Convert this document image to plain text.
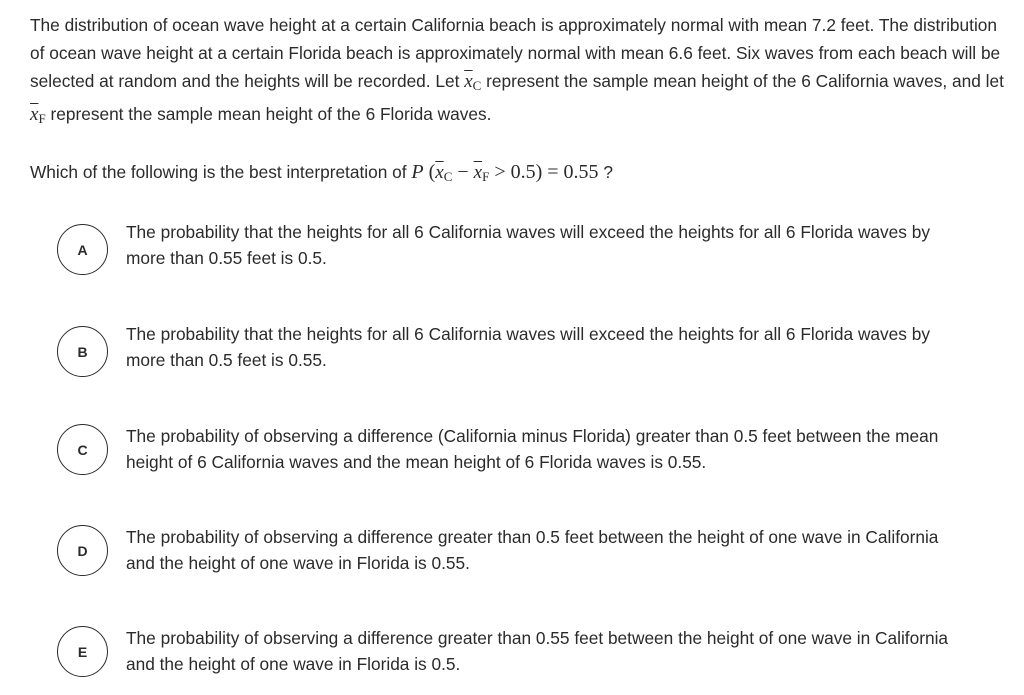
The distribution of ocean wave height at a certain California beach is approximately normal with mean 7.2 feet. The distribution of ocean wave height at a certain Florida beach is approximately normal with mean 6.6 feet. Six waves from each beach will be selected at random and the heights will be recorded. Let $\overline{x}_C$ represent the sample mean height of the 6 California waves, and let $\overline{x}_F$ represent the sample mean height of the 6 Florida waves.

Which of the following is the best interpretation of P $(\overline{x}_C - \overline{x}_F > 0.5) = 0.55$ ?

A
The probability that the heights for all 6 California waves will exceed the heights for all 6 Florida waves by more than 0.55 feet is 0.5.
B
The probability that the heights for all 6 California waves will exceed the heights for all 6 Florida waves by more than 0.5 feet is 0.55.
C
The probability of observing a difference (California minus Florida) greater than 0.5 feet between the mean height of 6 California waves and the mean height of 6 Florida waves is 0.55.
D
The probability of observing a difference greater than 0.5 feet between the height of one wave in California and the height of one wave in Florida is 0.55.
E
The probability of observing a difference greater than 0.55 feet between the height of one wave in California and the height of one wave in Florida is 0.5.
